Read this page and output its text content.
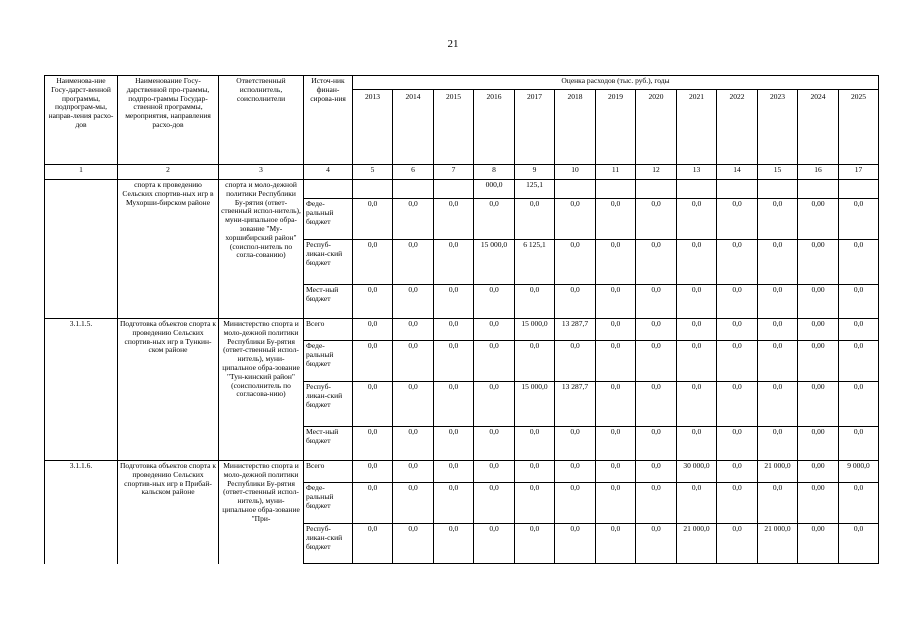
21
Наименова-ние Госу-дарст-венной программы, подпрограм-мы, направ-ления расхо-дов	Наименование Госу-дарственной про-граммы, подпро-граммы Государ-ственной программы, мероприятия, направления расхо-дов	Ответственный исполнитель, соисполнители	Источ-ник финан-сирова-ния	Оценка расходов (тыс. руб.), годы												
				2013	2014	2015	2016	2017	2018	2019	2020	2021	2022	2023	2024	2025
1	2	3	4	5	6	7	8	9	10	11	12	13	14	15	16	17
	спорта к проведению Сельских спортив-ных игр в Мухорши-бирском районе	спорта и моло-дежной политики Республики Бу-рятия (ответ-ственный испол-нитель), муни-ципальное обра-зование "Му-хоршибирский район" (соиспол-нитель по согла-сованию)					000,0	125,1								
			Феде-ральный бюджет	0,0	0,0	0,0	0,0	0,0	0,0	0,0	0,0	0,0	0,0	0,0	0,00	0,0
			Респуб-ликан-ский бюджет	0,0	0,0	0,0	15 000,0	6 125,1	0,0	0,0	0,0	0,0	0,0	0,0	0,00	0,0
			Мест-ный бюджет	0,0	0,0	0,0	0,0	0,0	0,0	0,0	0,0	0,0	0,0	0,0	0,00	0,0
3.1.1.5.	Подготовка объектов спорта к проведению Сельских спортив-ных игр в Тункин-ском районе	Министерство спорта и моло-дежной политики Республики Бу-рятия (ответ-ственный испол-нитель), муни-ципальное обра-зование "Тун-кинский район" (соисполнитель по согласова-нию)	Всего	0,0	0,0	0,0	0,0	15 000,0	13 287,7	0,0	0,0	0,0	0,0	0,0	0,00	0,0
			Феде-ральный бюджет	0,0	0,0	0,0	0,0	0,0	0,0	0,0	0,0	0,0	0,0	0,0	0,00	0,0
			Респуб-ликан-ский бюджет	0,0	0,0	0,0	0,0	15 000,0	13 287,7	0,0	0,0	0,0	0,0	0,0	0,00	0,0
			Мест-ный бюджет	0,0	0,0	0,0	0,0	0,0	0,0	0,0	0,0	0,0	0,0	0,0	0,00	0,0
3.1.1.6.	Подготовка объектов спорта к проведению Сельских спортив-ных игр в Прибай-кальском районе	Министерство спорта и моло-дежной политики Республики Бу-рятия (ответ-ственный испол-нитель), муни-ципальное обра-зование "При-	Всего	0,0	0,0	0,0	0,0	0,0	0,0	0,0	0,0	30 000,0	0,0	21 000,0	0,00	9 000,0
			Феде-ральный бюджет	0,0	0,0	0,0	0,0	0,0	0,0	0,0	0,0	0,0	0,0	0,0	0,00	0,0
			Респуб-ликан-ский бюджет	0,0	0,0	0,0	0,0	0,0	0,0	0,0	0,0	21 000,0	0,0	21 000,0	0,00	0,0
